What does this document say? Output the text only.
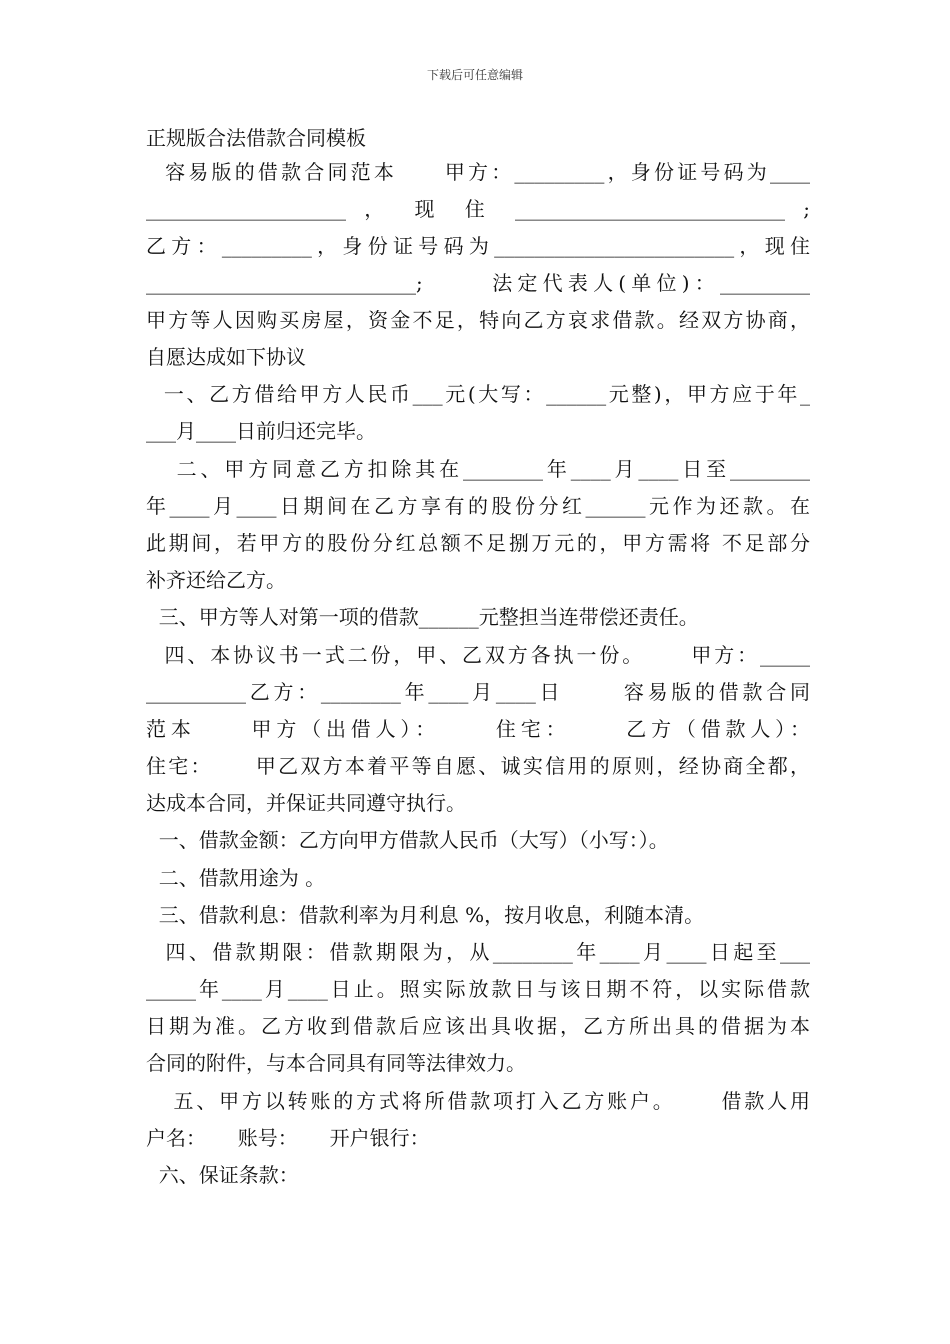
下载后可任意编辑
正规版合法借款合同模板
容易版的借款合同范本     甲方：_________，身份证号码为____
____________________ ， 现 住 ___________________________ ;
乙方：_________，身份证号码为________________________，现住
___________________________;      法定代表人(单位)：_________
甲方等人因购买房屋，资金不足，特向乙方哀求借款。经双方协商，
自愿达成如下协议
一、乙方借给甲方人民币___元(大写：______元整)，甲方应于年_
___月____日前归还完毕。
二、甲方同意乙方扣除其在________年____月____日至________
年____月____日期间在乙方享有的股份分红______元作为还款。在
此期间，若甲方的股份分红总额不足捌万元的，甲方需将 不足部分
补齐还给乙方。
三、甲方等人对第一项的借款______元整担当连带偿还责任。
四、本协议书一式二份，甲、乙双方各执一份。     甲方：_____
__________乙方：________年____月____日      容易版的借款合同
范本     甲方（出借人）：     住宅：     乙方（借款人）：
住宅：     甲乙双方本着平等自愿、诚实信用的原则，经协商全都，
达成本合同，并保证共同遵守执行。
一、借款金额：乙方向甲方借款人民币（大写）（小写：）。
二、借款用途为 。
三、借款利息：借款利率为月利息 %，按月收息，利随本清。
四、借款期限：借款期限为，从________年____月____日起至___
_____年____月____日止。照实际放款日与该日期不符，以实际借款
日期为准。乙方收到借款后应该出具收据，乙方所出具的借据为本
合同的附件，与本合同具有同等法律效力。
五、甲方以转账的方式将所借款项打入乙方账户。     借款人用
户名：     账号：     开户银行：
六、保证条款：
